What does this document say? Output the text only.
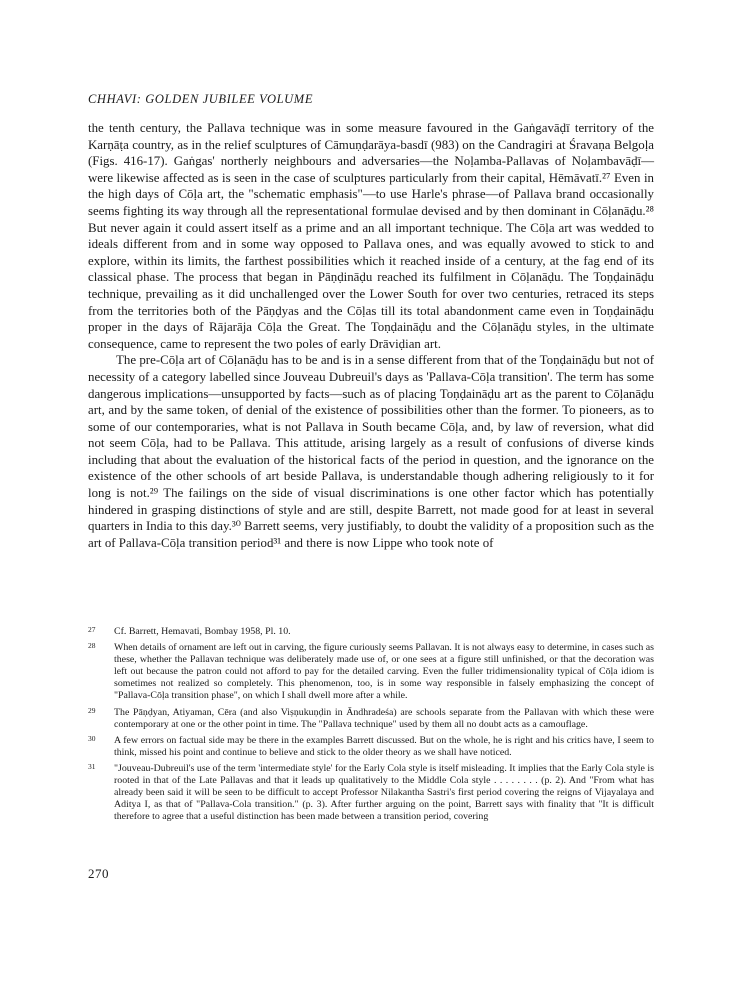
CHHAVI: GOLDEN JUBILEE VOLUME

the tenth century, the Pallava technique was in some measure favoured in the Gaṅgavāḍī territory of the Karṇāṭa country, as in the relief sculptures of Cāmuṇḍarāya-basdī (983) on the Candragiri at Śravaṇa Belgoḷa (Figs. 416-17). Gaṅgas' northerly neighbours and adversaries—the Noḷamba-Pallavas of Noḷambavāḍī—were likewise affected as is seen in the case of sculptures particularly from their capital, Hēmāvatī.²⁷ Even in the high days of Cōḷa art, the "schematic emphasis"—to use Harle's phrase—of Pallava brand occasionally seems fighting its way through all the representational formulae devised and by then dominant in Cōḷanāḍu.²⁸ But never again it could assert itself as a prime and an all important technique. The Cōḷa art was wedded to ideals different from and in some way opposed to Pallava ones, and was equally avowed to stick to and explore, within its limits, the farthest possibilities which it reached inside of a century, at the fag end of its classical phase. The process that began in Pāṇḍināḍu reached its fulfilment in Cōḷanāḍu. The Toṇḍaināḍu technique, prevailing as it did unchallenged over the Lower South for over two centuries, retraced its steps from the territories both of the Pāṇḍyas and the Cōḷas till its total abandonment came even in Toṇḍaināḍu proper in the days of Rājarāja Cōḷa the Great. The Toṇḍaināḍu and the Cōḷanāḍu styles, in the ultimate consequence, came to represent the two poles of early Drāviḍian art.

The pre-Cōḷa art of Cōḷanāḍu has to be and is in a sense different from that of the Toṇḍaināḍu but not of necessity of a category labelled since Jouveau Dubreuil's days as 'Pallava-Cōḷa transition'. The term has some dangerous implications—unsupported by facts—such as of placing Toṇḍaināḍu art as the parent to Cōḷanāḍu art, and by the same token, of denial of the existence of possibilities other than the former. To pioneers, as to some of our contemporaries, what is not Pallava in South became Cōḷa, and, by law of reversion, what did not seem Cōḷa, had to be Pallava. This attitude, arising largely as a result of confusions of diverse kinds including that about the evaluation of the historical facts of the period in question, and the ignorance on the existence of the other schools of art beside Pallava, is understandable though adhering religiously to it for long is not.²⁹ The failings on the side of visual discriminations is one other factor which has potentially hindered in grasping distinctions of style and are still, despite Barrett, not made good for at least in several quarters in India to this day.³⁰ Barrett seems, very justifiably, to doubt the validity of a proposition such as the art of Pallava-Cōḷa transition period³¹ and there is now Lippe who took note of

27 Cf. Barrett, Hemavati, Bombay 1958, Pl. 10.

28 When details of ornament are left out in carving, the figure curiously seems Pallavan. It is not always easy to determine, in cases such as these, whether the Pallavan technique was deliberately made use of, or one sees at a figure still unfinished, or that the decoration was left out because the patron could not afford to pay for the detailed carving. Even the fuller tridimensionality typical of Cōḷa idiom is sometimes not realized so completely. This phenomenon, too, is in some way responsible in falsely emphasizing the concept of "Pallava-Cōḷa transition phase", on which I shall dwell more after a while.

29 The Pāṇḍyan, Atiyaman, Cēra (and also Viṣṇukuṇḍin in Āndhradeśa) are schools separate from the Pallavan with which these were contemporary at one or the other point in time. The "Pallava technique" used by them all no doubt acts as a camouflage.

30 A few errors on factual side may be there in the examples Barrett discussed. But on the whole, he is right and his critics have, I seem to think, missed his point and continue to believe and stick to the older theory as we shall have noticed.

31 "Jouveau-Dubreuil's use of the term 'intermediate style' for the Early Cola style is itself misleading. It implies that the Early Cola style is rooted in that of the Late Pallavas and that it leads up qualitatively to the Middle Cola style . . . . . . . . (p. 2). And "From what has already been said it will be seen to be difficult to accept Professor Nilakantha Sastri's first period covering the reigns of Vijayalaya and Aditya I, as that of "Pallava-Cola transition." (p. 3). After further arguing on the point, Barrett says with finality that "It is difficult therefore to agree that a useful distinction has been made between a transition period, covering

270
